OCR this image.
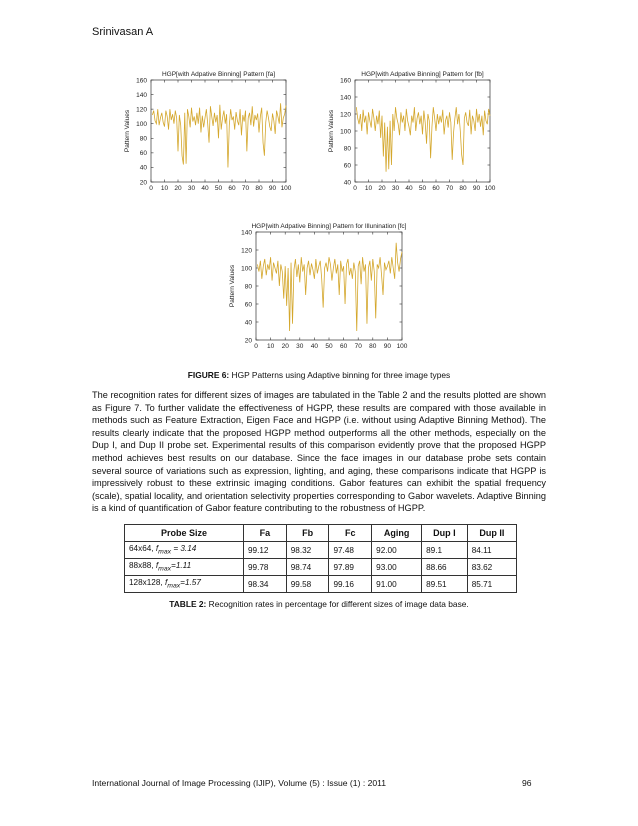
Srinivasan A
HGP[with Adpative Binning] Pattern [fa]
20
40
60
80
100
120
140
160
0 10 20 30 40 50 60 70 80 90 100
Pattern Values
HGP[with Adpative Binning] Pattern for [fb]
40
60
80
100
120
140
160
0 10 20 30 40 50 60 70 80 90 100
Pattern Values
HGP[with Adpative Binning] Pattern for Illunination [fc]
20
40
60
80
100
120
140
0 10 20 30 40 50 60 70 80 90 100
Pattern Values
FIGURE 6: HGP Patterns using Adaptive binning for three image types
The recognition rates for different sizes of images are tabulated in the Table 2 and the results plotted are shown as Figure 7. To further validate the effectiveness of HGPP, these results are compared with those available in methods such as Feature Extraction, Eigen Face and HGPP (i.e. without using Adaptive Binning Method). The results clearly indicate that the proposed HGPP method outperforms all the other methods, especially on the Dup I, and Dup II probe set. Experimental results of this comparison evidently prove that the proposed HGPP method achieves best results on our database. Since the face images in our database probe sets contain several source of variations such as expression, lighting, and aging, these comparisons indicate that HGPP is impressively robust to these extrinsic imaging conditions. Gabor features can exhibit the spatial frequency (scale), spatial locality, and orientation selectivity properties corresponding to Gabor wavelets. Adaptive Binning is a kind of quantification of Gabor feature contributing to the robustness of HGPP.
Probe Size	Fa	Fb	Fc	Aging	Dup I	Dup II
64x64, $f_{max} = 3.14$	99.12	98.32	97.48	92.00	89.1	84.11
88x88, $f_{max}=1.11$	99.78	98.74	97.89	93.00	88.66	83.62
128x128, $f_{max}=1.57$	98.34	99.58	99.16	91.00	89.51	85.71
TABLE 2: Recognition rates in percentage for different sizes of image data base.
International Journal of Image Processing (IJIP), Volume (5) : Issue (1) : 2011	96
